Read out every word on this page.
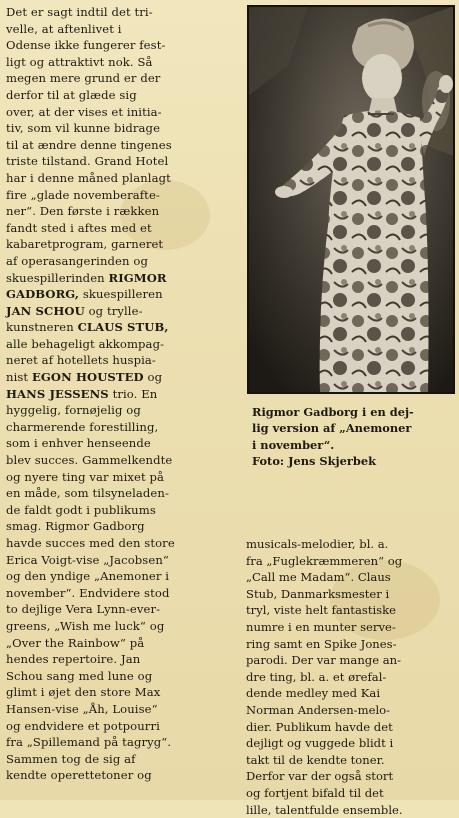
Det er sagt indtil det tri-
velle, at aftenlivet i
Odense ikke fungerer fest-
ligt og attraktivt nok. Så
megen mere grund er der
derfor til at glæde sig
over, at der vises et initia-
tiv, som vil kunne bidrage
til at ændre denne tingenes
triste tilstand. Grand Hotel
har i denne måned planlagt
fire „glade novemberafte-
ner“. Den første i rækken
fandt sted i aftes med et
kabaretprogram, garneret
af operasangerinden og
skuespillerinden RIGMOR
GADBORG, skuespilleren
JAN SCHOU og trylle-
kunstneren CLAUS STUB,
alle behageligt akkompag-
neret af hotellets huspia-
nist EGON HOUSTED og
HANS JESSENS trio. En
hyggelig, fornøjelig og
charmerende forestilling,
som i enhver henseende
blev succes. Gammelkendte
og nyere ting var mixet på
en måde, som tilsyneladen-
de faldt godt i publikums
smag. Rigmor Gadborg
havde succes med den store
Erica Voigt-vise „Jacobsen“
og den yndige „Anemoner i
november“. Endvidere stod
to dejlige Vera Lynn-ever-
greens, „Wish me luck“ og
„Over the Rainbow“ på
hendes repertoire. Jan
Schou sang med lune og
glimt i øjet den store Max
Hansen-vise „Åh, Louise“
og endvidere et potpourri
fra „Spillemand på tagryg“.
Sammen tog de sig af
kendte operettetoner og
Rigmor Gadborg i en dej-
lig version af „Anemoner
i november“.
Foto: Jens Skjerbek
musicals-melodier, bl. a.
fra „Fuglekræmmeren“ og
„Call me Madam“. Claus
Stub, Danmarksmester i
tryl, viste helt fantastiske
numre i en munter serve-
ring samt en Spike Jones-
parodi. Der var mange an-
dre ting, bl. a. et ørefal-
dende medley med Kai
Norman Andersen-melo-
dier. Publikum havde det
dejligt og vuggede blidt i
takt til de kendte toner.
Derfor var der også stort
og fortjent bifald til det
lille, talentfulde ensemble.
